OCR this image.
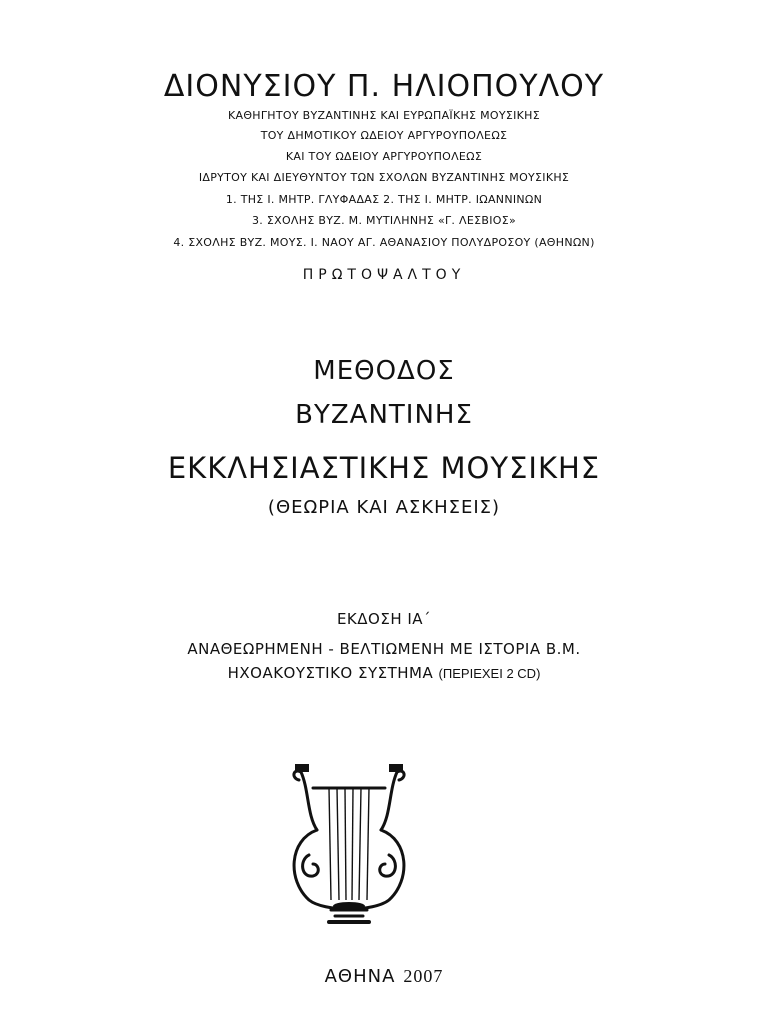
ΔΙΟΝΥΣΙΟΥ Π. ΗΛΙΟΠΟΥΛΟΥ
ΚΑΘΗΓΗΤΟΥ ΒΥΖΑΝΤΙΝΗΣ ΚΑΙ ΕΥΡΩΠΑΪΚΗΣ ΜΟΥΣΙΚΗΣ
ΤΟΥ ΔΗΜΟΤΙΚΟΥ ΩΔΕΙΟΥ ΑΡΓΥΡΟΥΠΟΛΕΩΣ
ΚΑΙ ΤΟΥ ΩΔΕΙΟΥ ΑΡΓΥΡΟΥΠΟΛΕΩΣ
ΙΔΡΥΤΟΥ ΚΑΙ ΔΙΕΥΘΥΝΤΟΥ ΤΩΝ ΣΧΟΛΩΝ ΒΥΖΑΝΤΙΝΗΣ ΜΟΥΣΙΚΗΣ
1. ΤΗΣ Ι. ΜΗΤΡ. ΓΛΥΦΑΔΑΣ 2. ΤΗΣ Ι. ΜΗΤΡ. ΙΩΑΝΝΙΝΩΝ
3. ΣΧΟΛΗΣ ΒΥΖ. Μ. ΜΥΤΙΛΗΝΗΣ «Γ. ΛΕΣΒΙΟΣ»
4. ΣΧΟΛΗΣ ΒΥΖ. ΜΟΥΣ. Ι. ΝΑΟΥ ΑΓ. ΑΘΑΝΑΣΙΟΥ ΠΟΛΥΔΡΟΣΟΥ (ΑΘΗΝΩΝ)
ΠΡΩΤΟΨΑΛΤΟΥ
ΜΕΘΟΔΟΣ
ΒΥΖΑΝΤΙΝΗΣ
ΕΚΚΛΗΣΙΑΣΤΙΚΗΣ ΜΟΥΣΙΚΗΣ
(ΘΕΩΡΙΑ ΚΑΙ ΑΣΚΗΣΕΙΣ)
ΕΚΔΟΣΗ ΙΑ΄
ΑΝΑΘΕΩΡΗΜΕΝΗ - ΒΕΛΤΙΩΜΕΝΗ ΜΕ ΙΣΤΟΡΙΑ Β.Μ.
ΗΧΟΑΚΟΥΣΤΙΚΟ ΣΥΣΤΗΜΑ (ΠΕΡΙΕΧΕΙ 2 CD)
ΑΘΗΝΑ 2007
